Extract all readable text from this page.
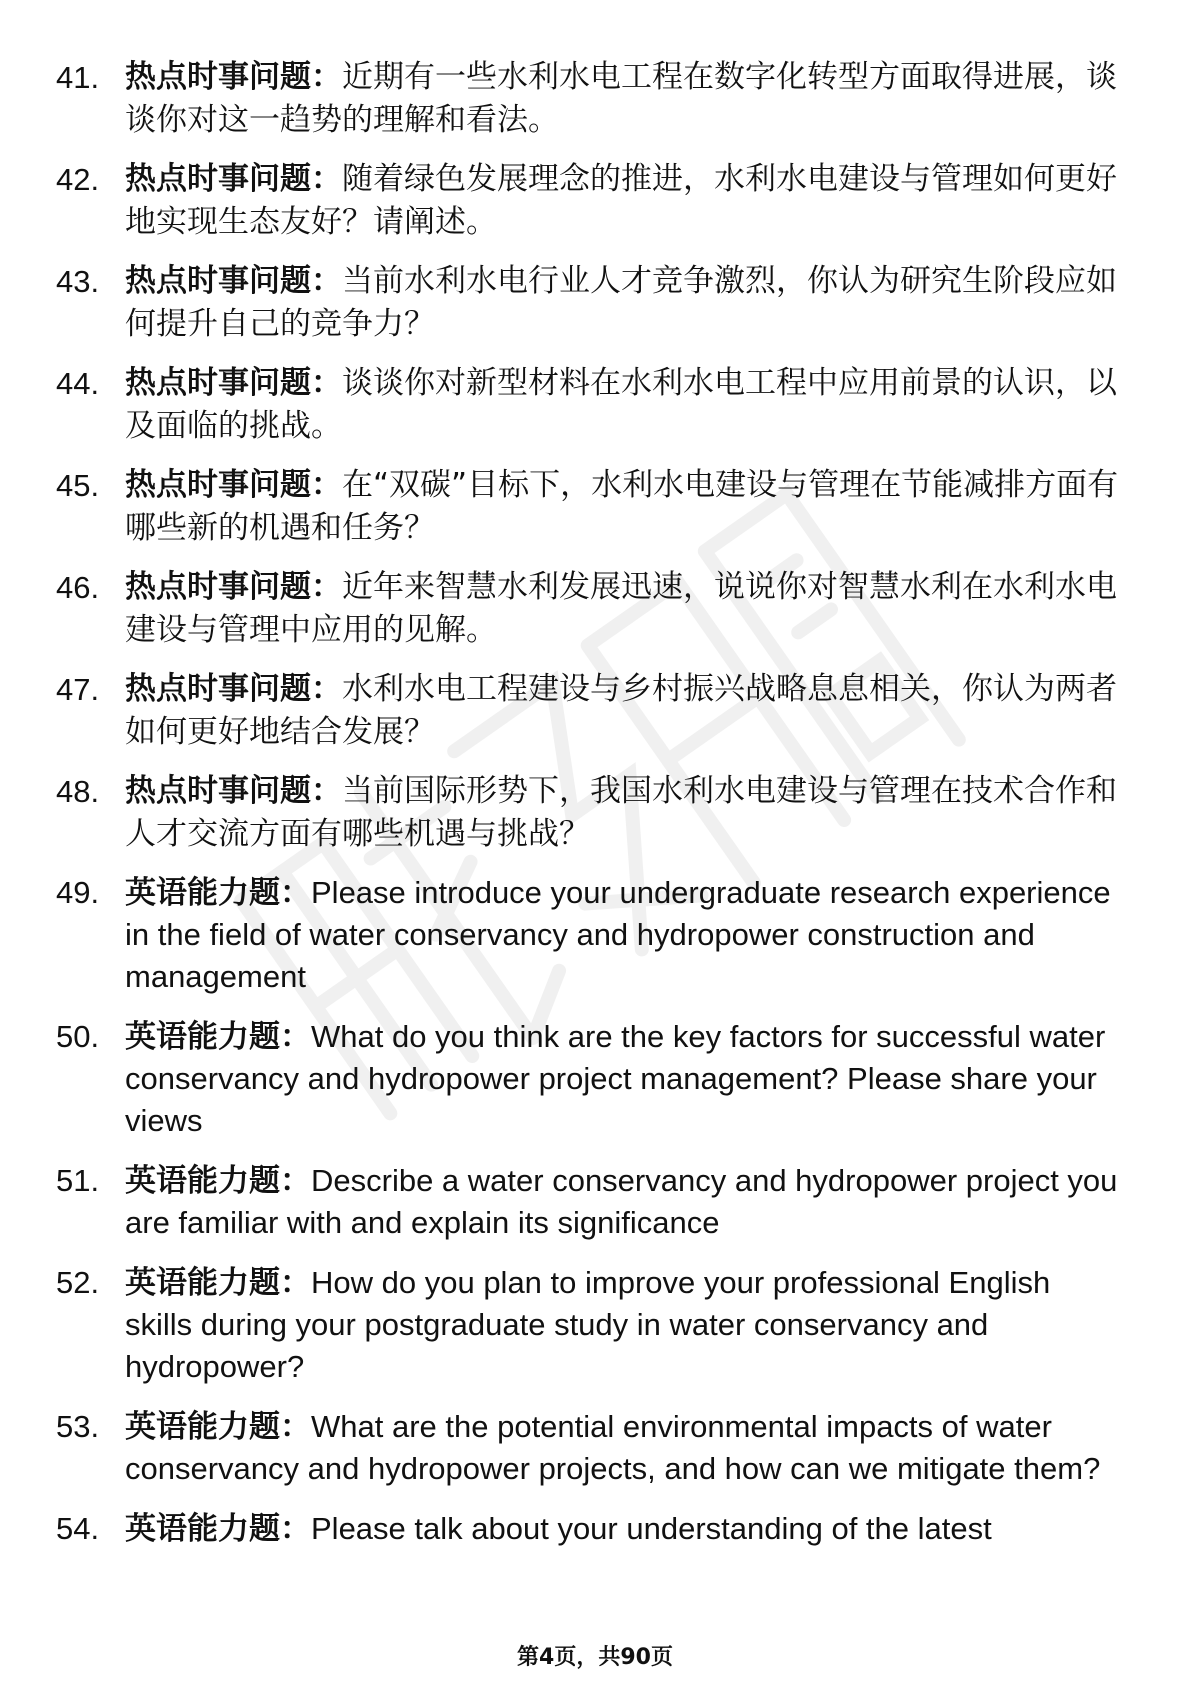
41. 热点时事问题：近期有一些水利水电工程在数字化转型方面取得进展，谈谈你对这一趋势的理解和看法。
42. 热点时事问题：随着绿色发展理念的推进，水利水电建设与管理如何更好地实现生态友好？请阐述。
43. 热点时事问题：当前水利水电行业人才竞争激烈，你认为研究生阶段应如何提升自己的竞争力？
44. 热点时事问题：谈谈你对新型材料在水利水电工程中应用前景的认识，以及面临的挑战。
45. 热点时事问题：在“双碳”目标下，水利水电建设与管理在节能减排方面有哪些新的机遇和任务？
46. 热点时事问题：近年来智慧水利发展迅速，说说你对智慧水利在水利水电建设与管理中应用的见解。
47. 热点时事问题：水利水电工程建设与乡村振兴战略息息相关，你认为两者如何更好地结合发展？
48. 热点时事问题：当前国际形势下，我国水利水电建设与管理在技术合作和人才交流方面有哪些机遇与挑战？
49. 英语能力题：Please introduce your undergraduate research experience in the field of water conservancy and hydropower construction and management
50. 英语能力题：What do you think are the key factors for successful water conservancy and hydropower project management? Please share your views
51. 英语能力题：Describe a water conservancy and hydropower project you are familiar with and explain its significance
52. 英语能力题：How do you plan to improve your professional English skills during your postgraduate study in water conservancy and hydropower?
53. 英语能力题：What are the potential environmental impacts of water conservancy and hydropower projects, and how can we mitigate them?
54. 英语能力题：Please talk about your understanding of the latest
第4页，共90页
